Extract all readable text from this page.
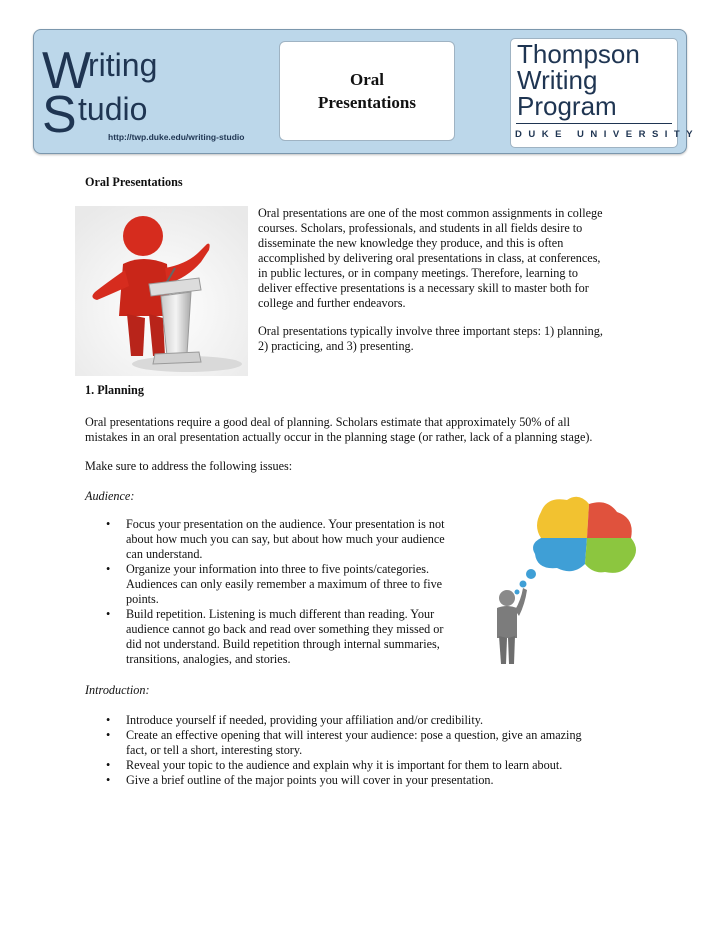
W
riting
S tudio
http://twp.duke.edu/writing-studio
Oral
Presentations
Thompson
Writing
Program
DUKE UNIVERSITY
Oral Presentations
Oral presentations are one of the most common assignments in college
courses. Scholars, professionals, and students in all fields desire to
disseminate the new knowledge they produce, and this is often
accomplished by delivering oral presentations in class, at conferences,
in public lectures, or in company meetings. Therefore, learning to
deliver effective presentations is a necessary skill to master both for
college and further endeavors.
Oral presentations typically involve three important steps: 1) planning,
2) practicing, and 3) presenting.
1. Planning
Oral presentations require a good deal of planning. Scholars estimate that approximately 50% of all
mistakes in an oral presentation actually occur in the planning stage (or rather, lack of a planning stage).
Make sure to address the following issues:
Audience:
• Focus your presentation on the audience. Your presentation is not
about how much you can say, but about how much your audience
can understand.
• Organize your information into three to five points/categories.
Audiences can only easily remember a maximum of three to five
points.
• Build repetition. Listening is much different than reading. Your
audience cannot go back and read over something they missed or
did not understand. Build repetition through internal summaries,
transitions, analogies, and stories.
Introduction:
• Introduce yourself if needed, providing your affiliation and/or credibility.
• Create an effective opening that will interest your audience: pose a question, give an amazing
fact, or tell a short, interesting story.
• Reveal your topic to the audience and explain why it is important for them to learn about.
• Give a brief outline of the major points you will cover in your presentation.
